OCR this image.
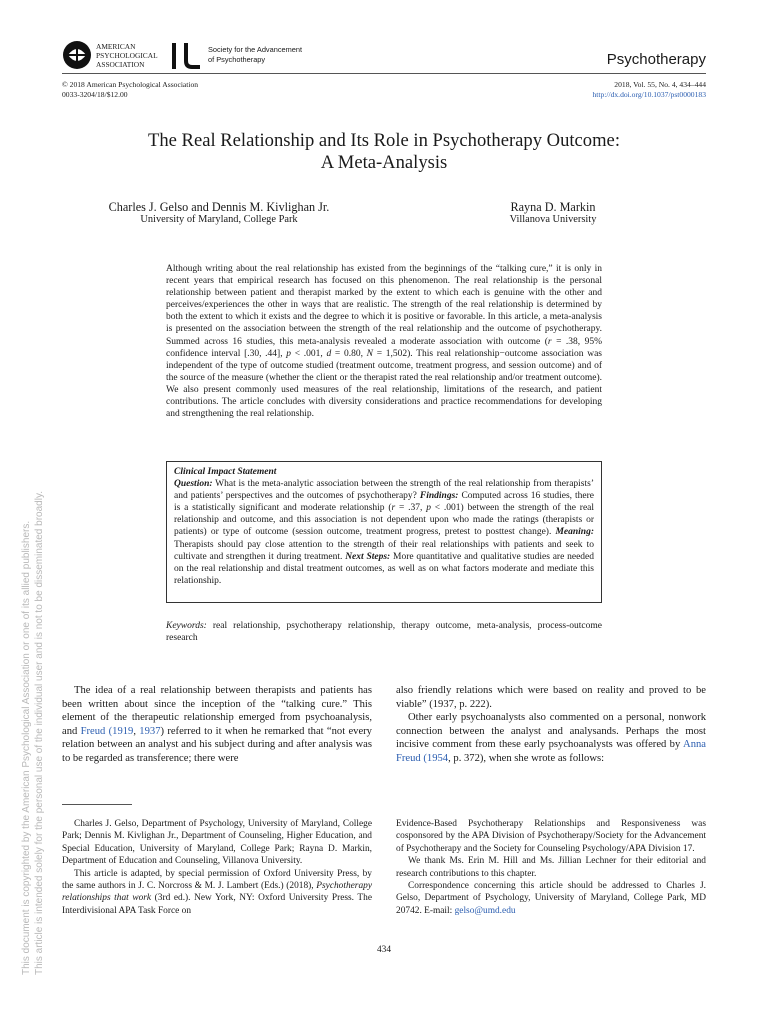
This document is copyrighted by the American Psychological Association or one of its allied publishers. This article is intended solely for the personal use of the individual user and is not to be disseminated broadly.
AMERICAN
PSYCHOLOGICAL
ASSOCIATION
Society for the Advancement
of Psychotherapy	Psychotherapy
© 2018 American Psychological Association
0033-3204/18/$12.00
2018, Vol. 55, No. 4, 434–444
http://dx.doi.org/10.1037/pst0000183
The Real Relationship and Its Role in Psychotherapy Outcome:
A Meta-Analysis
Charles J. Gelso and Dennis M. Kivlighan Jr.
University of Maryland, College Park
Rayna D. Markin
Villanova University
Although writing about the real relationship has existed from the beginnings of the “talking cure,” it is only in recent years that empirical research has focused on this phenomenon. The real relationship is the personal relationship between patient and therapist marked by the extent to which each is genuine with the other and perceives/experiences the other in ways that are realistic. The strength of the real relationship is determined by both the extent to which it exists and the degree to which it is positive or favorable. In this article, a meta-analysis is presented on the association between the strength of the real relationship and the outcome of psychotherapy. Summed across 16 studies, this meta-analysis revealed a moderate association with outcome (r = .38, 95% confidence interval [.30, .44], p < .001, d = 0.80, N = 1,502). This real relationship−outcome association was independent of the type of outcome studied (treatment outcome, treatment progress, and session outcome) and of the source of the measure (whether the client or the therapist rated the real relationship and/or treatment outcome). We also present commonly used measures of the real relationship, limitations of the research, and patient contributions. The article concludes with diversity considerations and practice recommendations for developing and strengthening the real relationship.
Clinical Impact Statement
Question: What is the meta-analytic association between the strength of the real relationship from therapists’ and patients’ perspectives and the outcomes of psychotherapy? Findings: Computed across 16 studies, there is a statistically significant and moderate relationship (r = .37, p < .001) between the strength of the real relationship and outcome, and this association is not dependent upon who made the ratings (therapists or patients) or type of outcome (session outcome, treatment progress, pretest to posttest change). Meaning: Therapists should pay close attention to the strength of their real relationships with patients and seek to cultivate and strengthen it during treatment. Next Steps: More quantitative and qualitative studies are needed on the real relationship and distal treatment outcomes, as well as on what factors moderate and mediate this relationship.
Keywords: real relationship, psychotherapy relationship, therapy outcome, meta-analysis, process-outcome research

The idea of a real relationship between therapists and patients has been written about since the inception of the “talking cure.” This element of the therapeutic relationship emerged from psychoanalysis, and Freud (1919, 1937) referred to it when he remarked that “not every relation between an analyst and his subject during and after analysis was to be regarded as transference; there were

also friendly relations which were based on reality and proved to be viable” (1937, p. 222).

Other early psychoanalysts also commented on a personal, nonwork connection between the analyst and analysands. Perhaps the most incisive comment from these early psychoanalysts was offered by Anna Freud (1954, p. 372), when she wrote as follows:

Charles J. Gelso, Department of Psychology, University of Maryland, College Park; Dennis M. Kivlighan Jr., Department of Counseling, Higher Education, and Special Education, University of Maryland, College Park; Rayna D. Markin, Department of Education and Counseling, Villanova University.

This article is adapted, by special permission of Oxford University Press, by the same authors in J. C. Norcross & M. J. Lambert (Eds.) (2018), Psychotherapy relationships that work (3rd ed.). New York, NY: Oxford University Press. The Interdivisional APA Task Force on

Evidence-Based Psychotherapy Relationships and Responsiveness was cosponsored by the APA Division of Psychotherapy/Society for the Advancement of Psychotherapy and the Society for Counseling Psychology/APA Division 17.

We thank Ms. Erin M. Hill and Ms. Jillian Lechner for their editorial and research contributions to this chapter.

Correspondence concerning this article should be addressed to Charles J. Gelso, Department of Psychology, University of Maryland, College Park, MD 20742. E-mail: gelso@umd.edu

434
